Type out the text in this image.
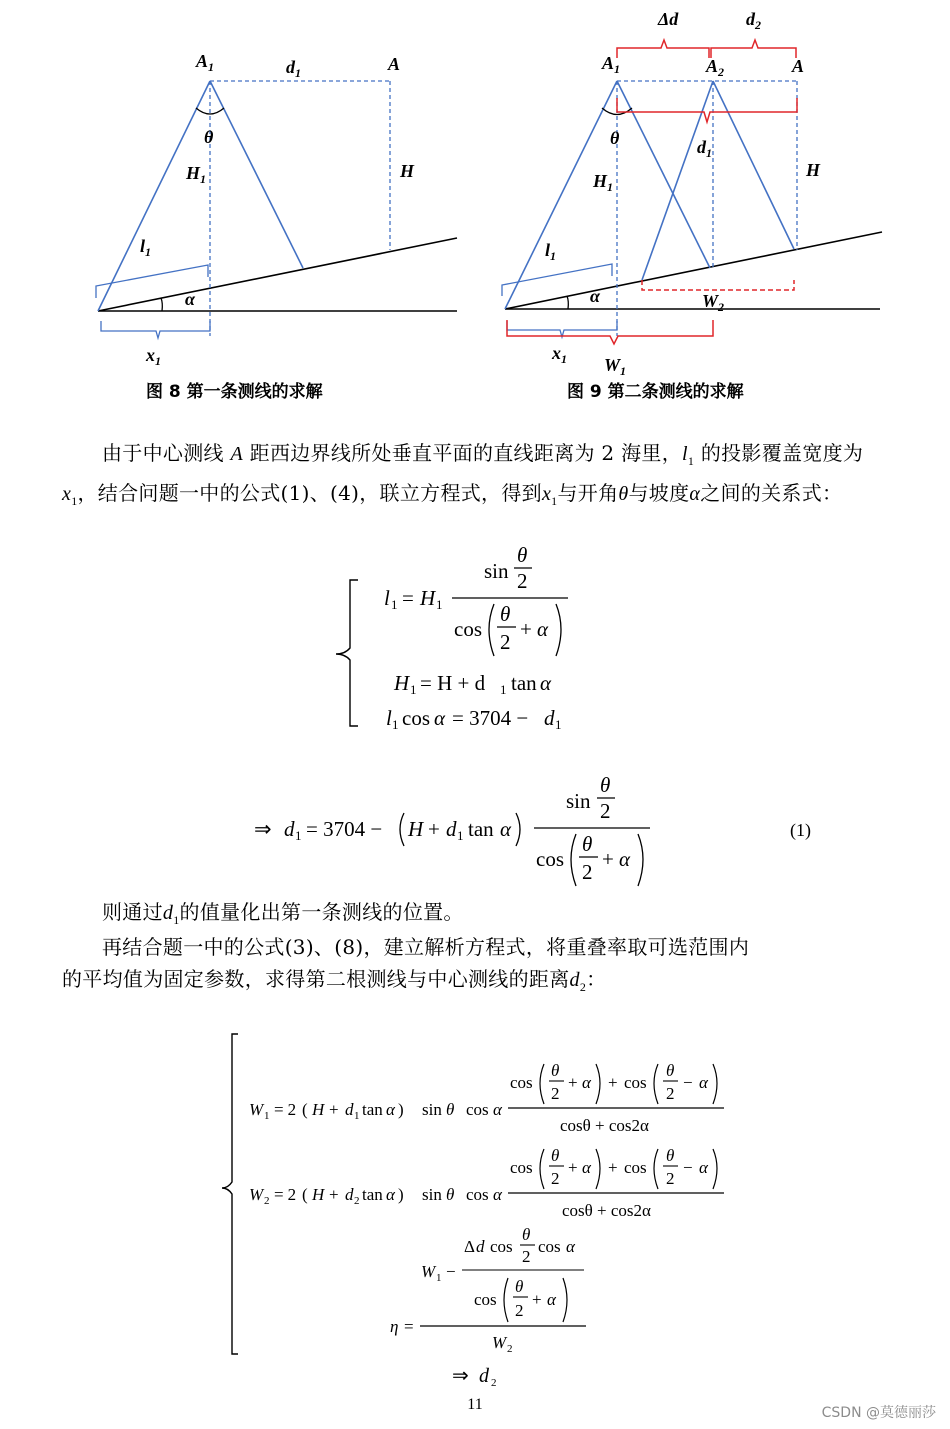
$A_1$	$d_1$	A
θ
$H_1$	H
$l_1$
α
$x_1$
图 8 第一条测线的求解
Δd	$d_2$
$A_1$	$A_2$	A
θ	$d_1$
$H_1$
H
$l_1$
α	$W_2$
$x_1$ $W_1$
图 9 第二条测线的求解
由于中心测线 A 距西边界线所处垂直平面的直线距离为 2 海里，$l_1$ 的投影覆盖宽度为$x_1$，结合问题一中的公式(1)、(4)，联立方程式，得到$x_1$与开角θ与坡度α之间的关系式：
l 1 = H 1
sin
θ
2
cos
θ
2
+ α
H 1 = H + d 1 tan α
l 1 cos α = 3704 − d 1
⇒ d 1 = 3704 − H + d 1 tan α
sin
θ
2
cos
θ
2
+ α
(1)
则通过$d_1$的值量化出第一条测线的位置。
再结合题一中的公式(3)、(8)，建立解析方程式，将重叠率取可选范围内
的平均值为固定参数，求得第二根测线与中心测线的距离$d_2$：
W 1 = 2 ( H + d 1 tan α ) sin θ cos α
cos
θ
2
+ α + cos
θ
2
− α
cosθ + cos2α
W 2 = 2 ( H + d 2 tan α ) sin θ cos α
cos
θ
2
+ α + cos
θ
2
− α
cosθ + cos2α
η =
W 1 −
Δ d cos
θ
2
cos α
cos
θ
2
+ α
W 2
⇒ d 2
11	CSDN @莫德丽莎
